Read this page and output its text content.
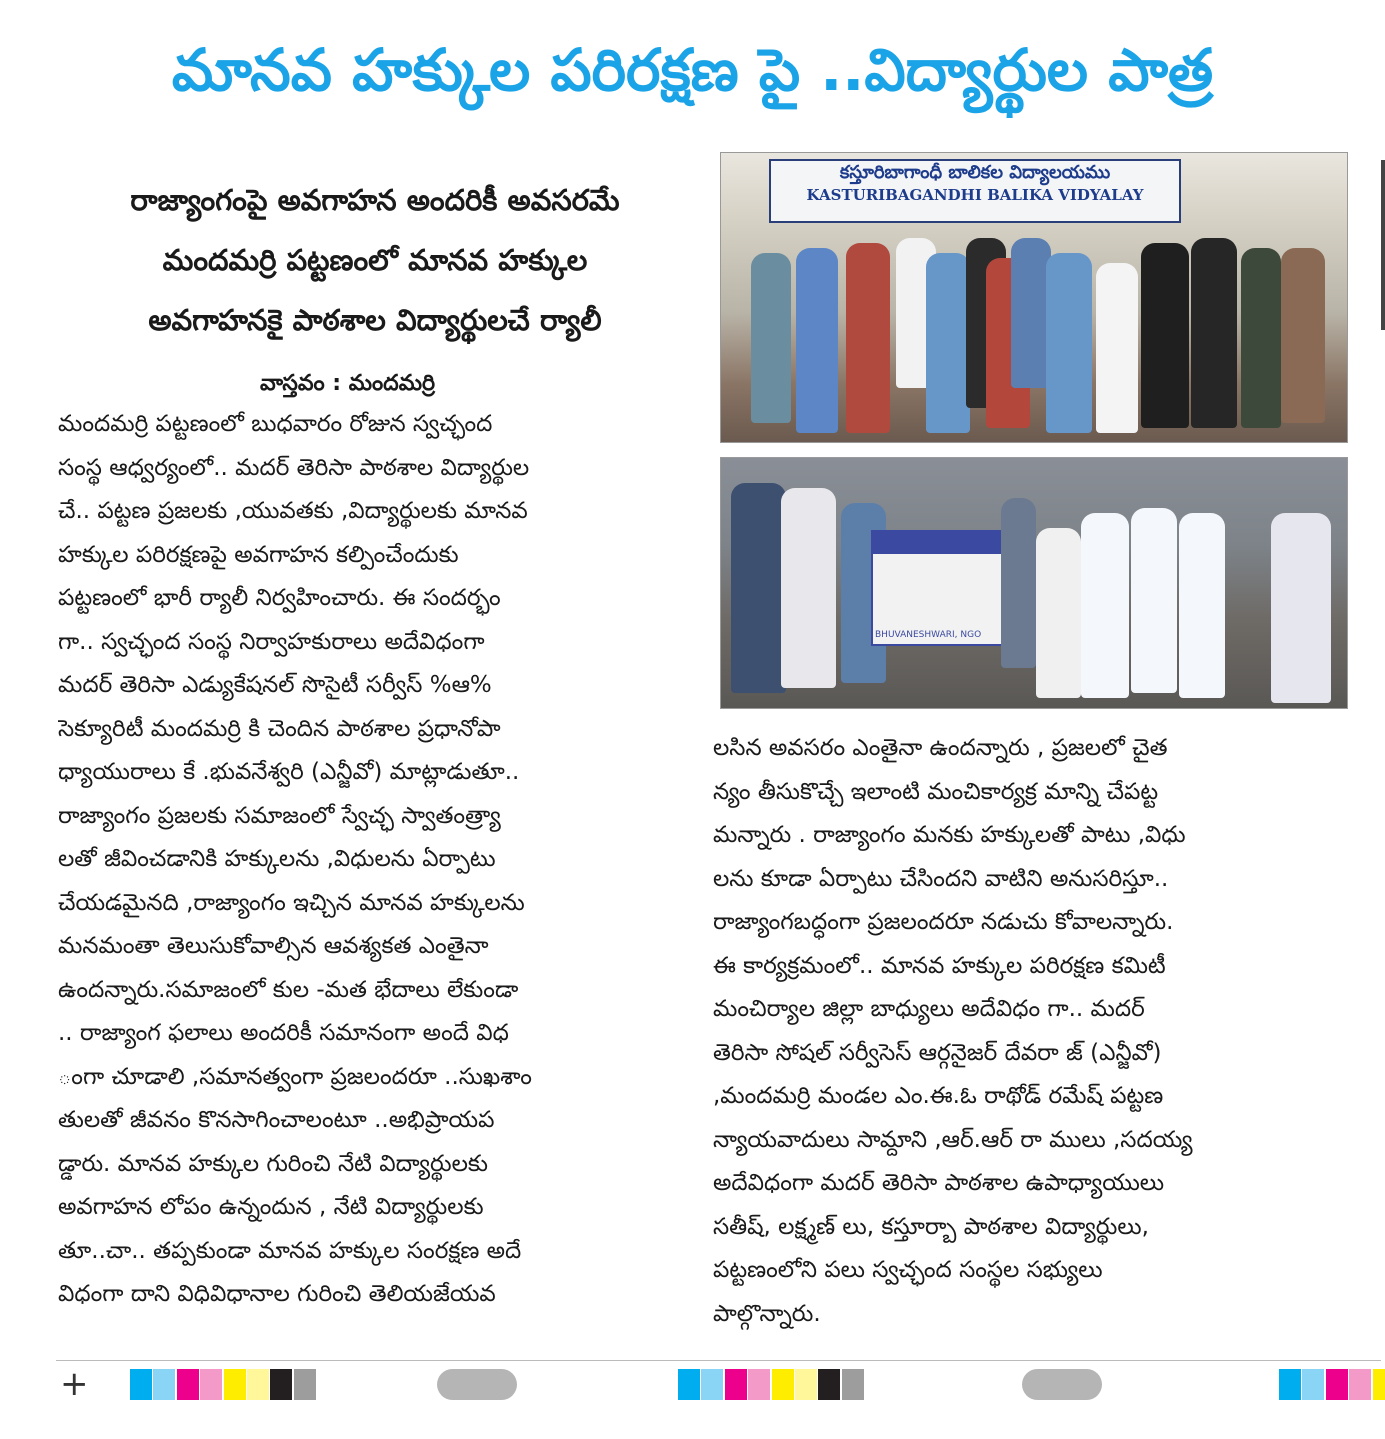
మానవ హక్కుల పరిరక్షణ పై ..విద్యార్థుల పాత్ర
రాజ్యాంగంపై అవగాహన అందరికీ అవసరమే
మందమర్రి పట్టణంలో మానవ హక్కుల
అవగాహనకై పాఠశాల విద్యార్థులచే ర్యాలీ
వాస్తవం : మందమర్రి
మందమర్రి పట్టణంలో బుధవారం రోజున స్వచ్ఛంద
సంస్థ ఆధ్వర్యంలో.. మదర్ తెరిసా పాఠశాల విద్యార్థుల
చే.. పట్టణ ప్రజలకు ,యువతకు ,విద్యార్థులకు మానవ
హక్కుల పరిరక్షణపై అవగాహన కల్పించేందుకు
పట్టణంలో భారీ ర్యాలీ నిర్వహించారు. ఈ సందర్భం
గా.. స్వచ్ఛంద సంస్థ నిర్వాహకురాలు అదేవిధంగా
మదర్ తెరిసా ఎడ్యుకేషనల్ సొసైటీ సర్వీస్ %ఆ%
సెక్యూరిటీ మందమర్రి కి చెందిన పాఠశాల ప్రధానోపా
ధ్యాయురాలు కే .భువనేశ్వరి (ఎన్జీవో) మాట్లాడుతూ..
రాజ్యాంగం ప్రజలకు సమాజంలో స్వేచ్ఛ స్వాతంత్ర్యా
లతో జీవించడానికి హక్కులను ,విధులను ఏర్పాటు
చేయడమైనది ,రాజ్యాంగం ఇచ్చిన మానవ హక్కులను
మనమంతా తెలుసుకోవాల్సిన ఆవశ్యకత ఎంతైనా
ఉందన్నారు.సమాజంలో కుల -మత భేదాలు లేకుండా
.. రాజ్యాంగ ఫలాలు అందరికీ సమానంగా అందే విధ
ంగా చూడాలి ,సమానత్వంగా ప్రజలందరూ ..సుఖశాం
తులతో జీవనం కొనసాగించాలంటూ ..అభిప్రాయప
డ్డారు. మానవ హక్కుల గురించి నేటి విద్యార్థులకు
అవగాహన లోపం ఉన్నందున , నేటి విద్యార్థులకు
తూ..చా.. తప్పకుండా మానవ హక్కుల సంరక్షణ అదే
విధంగా దాని విధివిధానాల గురించి తెలియజేయవ
కస్తూరిబాగాంధీ బాలికల విద్యాలయము
KASTURIBAGANDHI BALIKA VIDYALAY
BHUVANESHWARI, NGO
లసిన అవసరం ఎంతైనా ఉందన్నారు , ప్రజలలో చైత
న్యం తీసుకొచ్చే ఇలాంటి మంచికార్యక్ర మాన్ని చేపట్ట
మన్నారు . రాజ్యాంగం మనకు హక్కులతో పాటు ,విధు
లను కూడా ఏర్పాటు చేసిందని వాటిని అనుసరిస్తూ..
రాజ్యాంగబద్ధంగా ప్రజలందరూ నడుచు కోవాలన్నారు.
ఈ కార్యక్రమంలో.. మానవ హక్కుల పరిరక్షణ కమిటీ
మంచిర్యాల జిల్లా బాధ్యులు అదేవిధం గా.. మదర్
తెరిసా సోషల్ సర్వీసెస్ ఆర్గనైజర్ దేవరా జ్ (ఎన్జీవో)
,మందమర్రి మండల ఎం.ఈ.ఓ రాథోడ్ రమేష్ పట్టణ
న్యాయవాదులు సామ్దాని ,ఆర్.ఆర్ రా ములు ,సదయ్య
అదేవిధంగా మదర్ తెరిసా పాఠశాల ఉపాధ్యాయులు
సతీష్, లక్ష్మణ్ లు, కస్తూర్బా పాఠశాల విద్యార్థులు,
పట్టణంలోని పలు స్వచ్ఛంద సంస్థల సభ్యులు
పాల్గొన్నారు.
+
